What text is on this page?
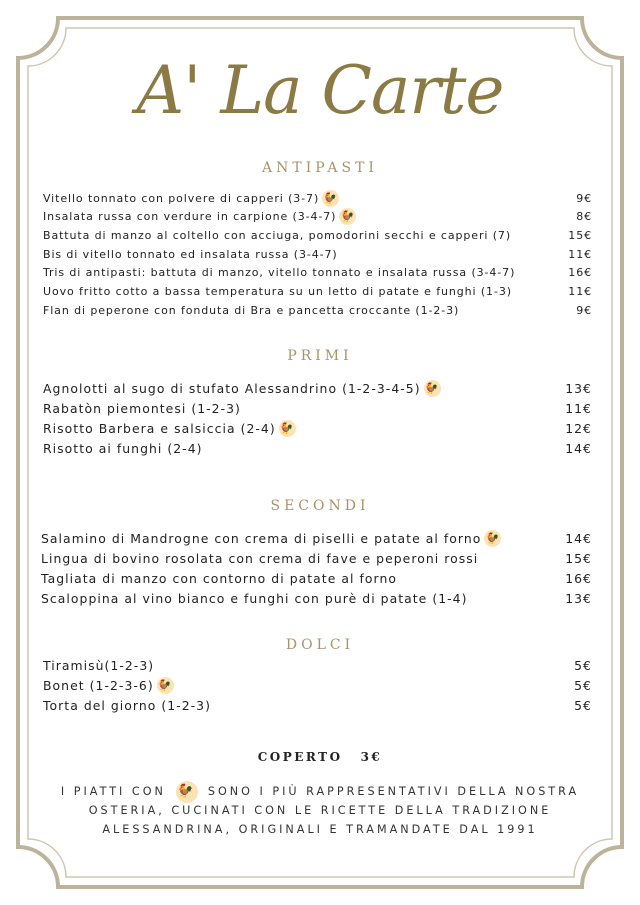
A' La Carte
ANTIPASTI
Vitello tonnato con polvere di capperi (3-7) 🐓	9€
Insalata russa con verdure in carpione (3-4-7) 🐓	8€
Battuta di manzo al coltello con acciuga, pomodorini secchi e capperi (7)	15€
Bis di vitello tonnato ed insalata russa (3-4-7)	11€
Tris di antipasti: battuta di manzo, vitello tonnato e insalata russa (3-4-7)	16€
Uovo fritto cotto a bassa temperatura su un letto di patate e funghi (1-3)	11€
Flan di peperone con fonduta di Bra e pancetta croccante (1-2-3)	9€
PRIMI
Agnolotti al sugo di stufato Alessandrino (1-2-3-4-5) 🐓	13€
Rabatòn piemontesi (1-2-3)	11€
Risotto Barbera e salsiccia (2-4) 🐓	12€
Risotto ai funghi (2-4)	14€
SECONDI
Salamino di Mandrogne con crema di piselli e patate al forno 🐓	14€
Lingua di bovino rosolata con crema di fave e peperoni rossi	15€
Tagliata di manzo con contorno di patate al forno	16€
Scaloppina al vino bianco e funghi con purè di patate (1-4)	13€
DOLCI
Tiramisù(1-2-3)	5€
Bonet (1-2-3-6) 🐓	5€
Torta del giorno (1-2-3)	5€
COPERTO 3€
I PIATTI CON 🐓 SONO I PIÙ RAPPRESENTATIVI DELLA NOSTRA
OSTERIA, CUCINATI CON LE RICETTE DELLA TRADIZIONE
ALESSANDRINA, ORIGINALI E TRAMANDATE DAL 1991
